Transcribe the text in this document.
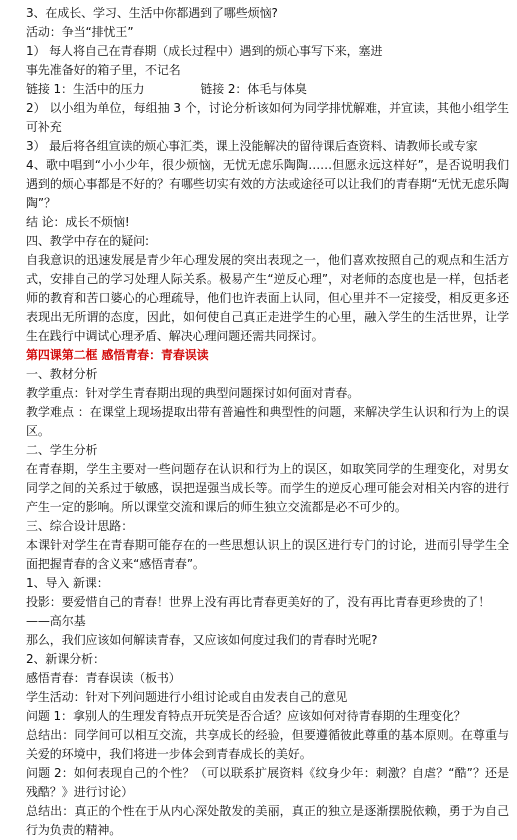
3、在成长、学习、生活中你都遇到了哪些烦恼?

活动：争当“排忧王”

1） 每人将自己在青春期（成长过程中）遇到的烦心事写下来，塞进

事先准备好的箱子里，不记名

链接 1：生活中的压力	链接 2：体毛与体臭

2） 以小组为单位，每组抽 3 个，讨论分析该如何为同学排忧解难，并宣读，其他小组学生可补充

3） 最后将各组宣读的烦心事汇类，课上没能解决的留待课后查资料、请教师长或专家

4、歌中唱到“小小少年，很少烦恼，无忧无虑乐陶陶……但愿永远这样好”，是否说明我们遇到的烦心事都是不好的？有哪些切实有效的方法或途径可以让我们的青春期“无忧无虑乐陶陶”？

结 论：成长不烦恼!

四、教学中存在的疑问:

自我意识的迅速发展是青少年心理发展的突出表现之一，他们喜欢按照自己的观点和生活方式，安排自己的学习处理人际关系。极易产生“逆反心理”，对老师的态度也是一样，包括老师的教育和苦口婆心的心理疏导，他们也许表面上认同，但心里并不一定接受，相反更多还表现出无所谓的态度，因此，如何使自己真正走进学生的心里，融入学生的生活世界，让学生在践行中调试心理矛盾、解决心理问题还需共同探讨。

第四课第二框 感悟青春：青春误读

一、教材分析

教学重点：针对学生青春期出现的典型问题探讨如何面对青春。

教学难点 ：在课堂上现场提取出带有普遍性和典型性的问题，来解决学生认识和行为上的误区。

二、学生分析

在青春期，学生主要对一些问题存在认识和行为上的误区，如取笑同学的生理变化，对男女同学之间的关系过于敏感，误把逞强当成长等。而学生的逆反心理可能会对相关内容的进行产生一定的影响。所以课堂交流和课后的师生独立交流都是必不可少的。

三、综合设计思路：

本课针对学生在青春期可能存在的一些思想认识上的误区进行专门的讨论，进而引导学生全面把握青春的含义来“感悟青春”。

1、导入 新课：

投影：要爱惜自己的青春！世界上没有再比青春更美好的了，没有再比青春更珍贵的了！

——高尔基

那么，我们应该如何解读青春，又应该如何度过我们的青春时光呢?

2、新课分析：

感悟青春：青春误读（板书）

学生活动：针对下列问题进行小组讨论或自由发表自己的意见

问题 1：拿别人的生理发育特点开玩笑是否合适？应该如何对待青春期的生理变化？

总结出：同学间可以相互交流，共享成长的经验，但要遵循彼此尊重的基本原则。在尊重与关爱的环境中，我们将进一步体会到青春成长的美好。

问题 2：如何表现自己的个性？（可以联系扩展资料《纹身少年：刺激？自虐？“酷”？还是残酷？》进行讨论）

总结出：真正的个性在于从内心深处散发的美丽，真正的独立是逐渐摆脱依赖，勇于为自己行为负责的精神。
